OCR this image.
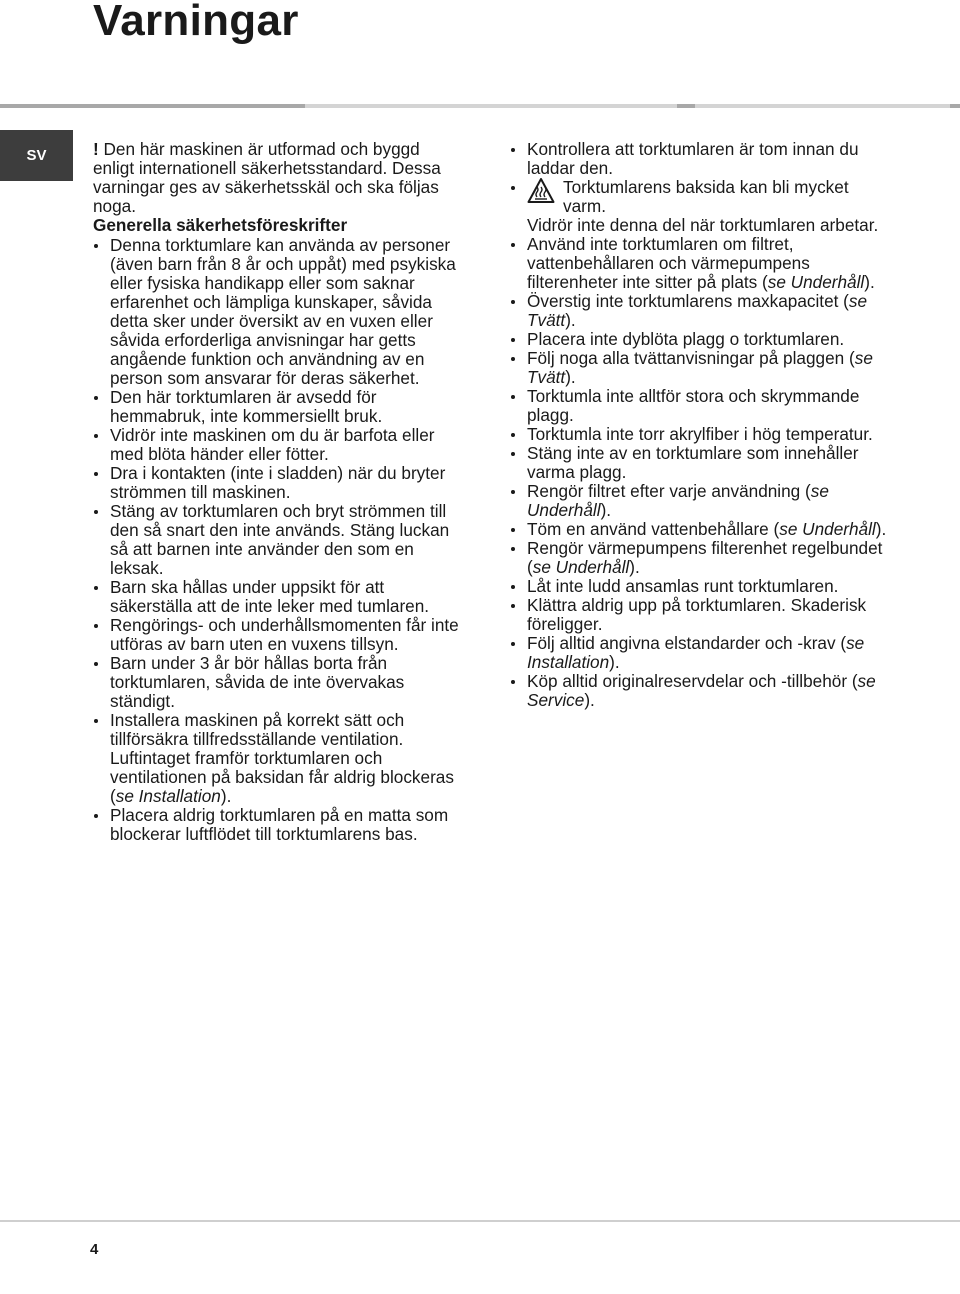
Varningar
SV	! Den här maskinen är utformad och byggd enligt internationell säkerhetsstandard. Dessa varningar ges av säkerhetsskäl och ska följas noga.

Generella säkerhetsföreskrifter
Denna torktumlare kan använda av personer (även barn från 8 år och uppåt) med psykiska eller fysiska handikapp eller som saknar erfarenhet och lämpliga kunskaper, såvida detta sker under översikt av en vuxen eller såvida erforderliga anvisningar har getts angående funktion och användning av en person som ansvarar för deras säkerhet.
Den här torktumlaren är avsedd för hemmabruk, inte kommersiellt bruk.
Vidrör inte maskinen om du är barfota eller med blöta händer eller fötter.
Dra i kontakten (inte i sladden) när du bryter strömmen till maskinen.
Stäng av torktumlaren och bryt strömmen till den så snart den inte används. Stäng luckan så att barnen inte använder den som en leksak.
Barn ska hållas under uppsikt för att säkerställa att de inte leker med tumlaren.
Rengörings- och underhållsmomenten får inte utföras av barn uten en vuxens tillsyn.
Barn under 3 år bör hållas borta från torktumlaren, såvida de inte övervakas ständigt.
Installera maskinen på korrekt sätt och tillförsäkra tillfredsställande ventilation. Luftintaget framför torktumlaren och ventilationen på baksidan får aldrig blockeras (se Installation).
Placera aldrig torktumlaren på en matta som blockerar luftflödet till torktumlarens bas.
Kontrollera att torktumlaren är tom innan du laddar den.
Torktumlarens baksida kan bli mycket varm.
Vidrör inte denna del när torktumlaren arbetar.
Använd inte torktumlaren om filtret, vattenbehållaren och värmepumpens filterenheter inte sitter på plats (se Underhåll).
Överstig inte torktumlarens maxkapacitet (se Tvätt).
Placera inte dyblöta plagg o torktumlaren.
Följ noga alla tvättanvisningar på plaggen (se Tvätt).
Torktumla inte alltför stora och skrymmande plagg.
Torktumla inte torr akrylfiber i hög temperatur.
Stäng inte av en torktumlare som innehåller varma plagg.
Rengör filtret efter varje användning (se Underhåll).
Töm en använd vattenbehållare (se Underhåll).
Rengör värmepumpens filterenhet regelbundet (se Underhåll).
Låt inte ludd ansamlas runt torktumlaren.
Klättra aldrig upp på torktumlaren. Skaderisk föreligger.
Följ alltid angivna elstandarder och -krav (se Installation).
Köp alltid originalreservdelar och -tillbehör (se Service).
4
